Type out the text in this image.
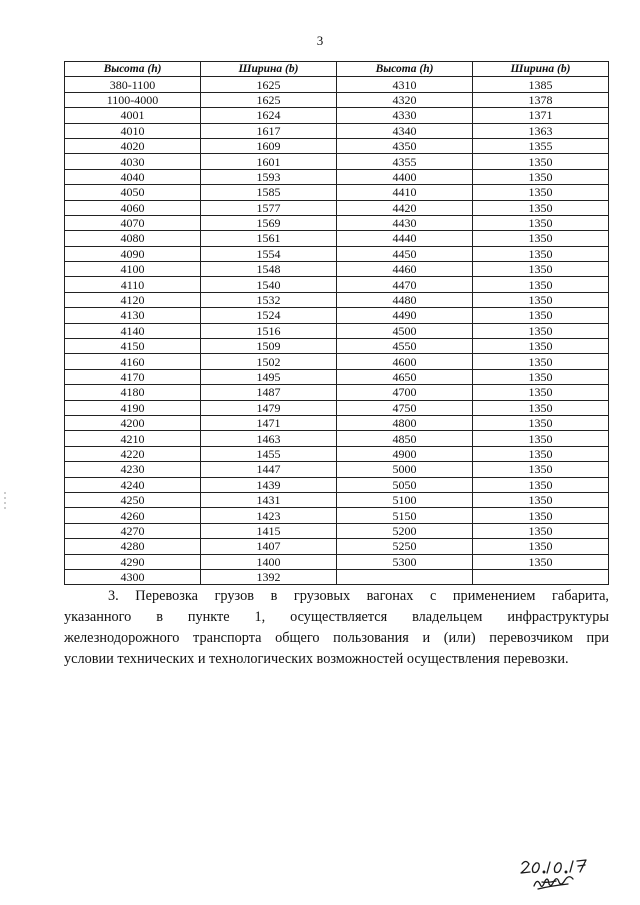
3
Высота (h)	Ширина (b)	Высота (h)	Ширина (b)
380-1100	1625	4310	1385
1100-4000	1625	4320	1378
4001	1624	4330	1371
4010	1617	4340	1363
4020	1609	4350	1355
4030	1601	4355	1350
4040	1593	4400	1350
4050	1585	4410	1350
4060	1577	4420	1350
4070	1569	4430	1350
4080	1561	4440	1350
4090	1554	4450	1350
4100	1548	4460	1350
4110	1540	4470	1350
4120	1532	4480	1350
4130	1524	4490	1350
4140	1516	4500	1350
4150	1509	4550	1350
4160	1502	4600	1350
4170	1495	4650	1350
4180	1487	4700	1350
4190	1479	4750	1350
4200	1471	4800	1350
4210	1463	4850	1350
4220	1455	4900	1350
4230	1447	5000	1350
4240	1439	5050	1350
4250	1431	5100	1350
4260	1423	5150	1350
4270	1415	5200	1350
4280	1407	5250	1350
4290	1400	5300	1350
4300	1392		
3. Перевозка грузов в грузовых вагонах с применением габарита,
указанного в пункте 1, осуществляется владельцем инфраструктуры
железнодорожного транспорта общего пользования и (или) перевозчиком при
условии технических и технологических возможностей осуществления перевозки.
